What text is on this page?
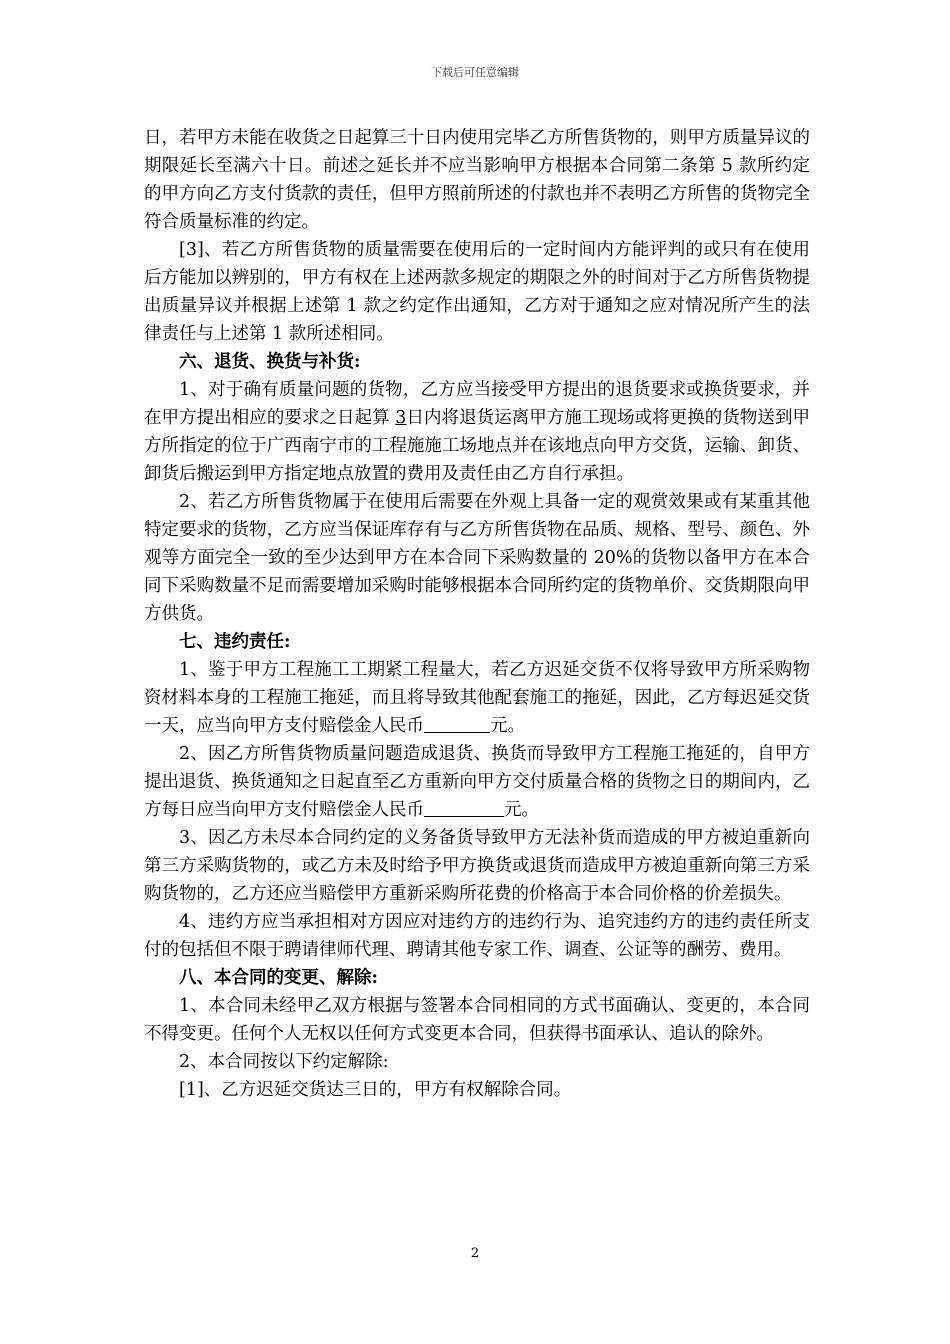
下载后可任意编辑

日，若甲方未能在收货之日起算三十日内使用完毕乙方所售货物的，则甲方质量异议的期限延长至满六十日。前述之延长并不应当影响甲方根据本合同第二条第 5 款所约定的甲方向乙方支付货款的责任，但甲方照前所述的付款也并不表明乙方所售的货物完全符合质量标准的约定。

[3]、若乙方所售货物的质量需要在使用后的一定时间内方能评判的或只有在使用后方能加以辨别的，甲方有权在上述两款多规定的期限之外的时间对于乙方所售货物提出质量异议并根据上述第 1 款之约定作出通知，乙方对于通知之应对情况所产生的法律责任与上述第 1 款所述相同。

六、退货、换货与补货:

1、对于确有质量问题的货物，乙方应当接受甲方提出的退货要求或换货要求，并在甲方提出相应的要求之日起算 3日内将退货运离甲方施工现场或将更换的货物送到甲方所指定的位于广西南宁市的工程施施工场地点并在该地点向甲方交货，运输、卸货、卸货后搬运到甲方指定地点放置的费用及责任由乙方自行承担。

2、若乙方所售货物属于在使用后需要在外观上具备一定的观赏效果或有某重其他特定要求的货物，乙方应当保证库存有与乙方所售货物在品质、规格、型号、颜色、外观等方面完全一致的至少达到甲方在本合同下采购数量的 20%的货物以备甲方在本合同下采购数量不足而需要增加采购时能够根据本合同所约定的货物单价、交货期限向甲方供货。

七、违约责任:

1、鉴于甲方工程施工工期紧工程量大，若乙方迟延交货不仅将导致甲方所采购物资材料本身的工程施工拖延，而且将导致其他配套施工的拖延，因此，乙方每迟延交货一天，应当向甲方支付赔偿金人民币	元。

2、因乙方所售货物质量问题造成退货、换货而导致甲方工程施工拖延的，自甲方提出退货、换货通知之日起直至乙方重新向甲方交付质量合格的货物之日的期间内，乙方每日应当向甲方支付赔偿金人民币	元。

3、因乙方未尽本合同约定的义务备货导致甲方无法补货而造成的甲方被迫重新向第三方采购货物的，或乙方未及时给予甲方换货或退货而造成甲方被迫重新向第三方采购货物的，乙方还应当赔偿甲方重新采购所花费的价格高于本合同价格的价差损失。

4、违约方应当承担相对方因应对违约方的违约行为、追究违约方的违约责任所支付的包括但不限于聘请律师代理、聘请其他专家工作、调查、公证等的酬劳、费用。

八、本合同的变更、解除:

1、本合同未经甲乙双方根据与签署本合同相同的方式书面确认、变更的，本合同不得变更。任何个人无权以任何方式变更本合同，但获得书面承认、追认的除外。

2、本合同按以下约定解除:

[1]、乙方迟延交货达三日的，甲方有权解除合同。

2
